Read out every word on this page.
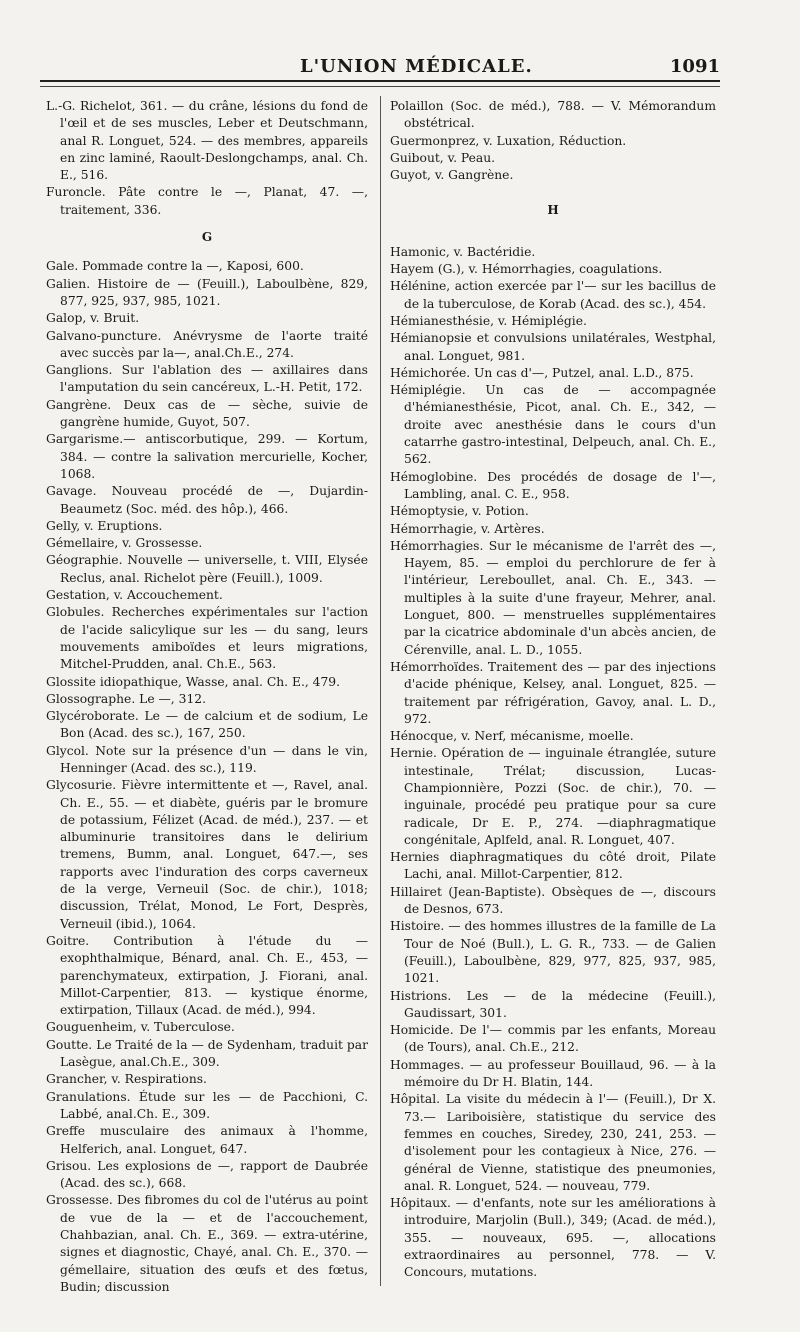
L'UNION MÉDICALE.	1091
L.-G. Richelot, 361. — du crâne, lésions du fond de l'œil et de ses muscles, Leber et Deutschmann, anal R. Longuet, 524. — des membres, appareils en zinc laminé, Raoult-Deslongchamps, anal. Ch. E., 516.
Furoncle. Pâte contre le —, Planat, 47. —, traitement, 336.
G
Gale. Pommade contre la —, Kaposi, 600.
Galien. Histoire de — (Feuill.), Laboulbène, 829, 877, 925, 937, 985, 1021.
Galop, v. Bruit.
Galvano-puncture. Anévrysme de l'aorte traité avec succès par la—, anal.Ch.E., 274.
Ganglions. Sur l'ablation des — axillaires dans l'amputation du sein cancéreux, L.-H. Petit, 172.
Gangrène. Deux cas de — sèche, suivie de gangrène humide, Guyot, 507.
Gargarisme.— antiscorbutique, 299. — Kortum, 384. — contre la salivation mercurielle, Kocher, 1068.
Gavage. Nouveau procédé de —, Dujardin-Beaumetz (Soc. méd. des hôp.), 466.
Gelly, v. Eruptions.
Gémellaire, v. Grossesse.
Géographie. Nouvelle — universelle, t. VIII, Elysée Reclus, anal. Richelot père (Feuill.), 1009.
Gestation, v. Accouchement.
Globules. Recherches expérimentales sur l'action de l'acide salicylique sur les — du sang, leurs mouvements amiboïdes et leurs migrations, Mitchel-Prudden, anal. Ch.E., 563.
Glossite idiopathique, Wasse, anal. Ch. E., 479.
Glossographe. Le —, 312.
Glycéroborate. Le — de calcium et de sodium, Le Bon (Acad. des sc.), 167, 250.
Glycol. Note sur la présence d'un — dans le vin, Henninger (Acad. des sc.), 119.
Glycosurie. Fièvre intermittente et —, Ravel, anal. Ch. E., 55. — et diabète, guéris par le bromure de potassium, Félizet (Acad. de méd.), 237. — et albuminurie transitoires dans le delirium tremens, Bumm, anal. Longuet, 647.—, ses rapports avec l'induration des corps caverneux de la verge, Verneuil (Soc. de chir.), 1018; discussion, Trélat, Monod, Le Fort, Desprès, Verneuil (ibid.), 1064.
Goitre. Contribution à l'étude du — exophthalmique, Bénard, anal. Ch. E., 453, — parenchymateux, extirpation, J. Fiorani, anal. Millot-Carpentier, 813. — kystique énorme, extirpation, Tillaux (Acad. de méd.), 994.
Gouguenheim, v. Tuberculose.
Goutte. Le Traité de la — de Sydenham, traduit par Lasègue, anal.Ch.E., 309.
Grancher, v. Respirations.
Granulations. Étude sur les — de Pacchioni, C. Labbé, anal.Ch. E., 309.
Greffe musculaire des animaux à l'homme, Helferich, anal. Longuet, 647.
Grisou. Les explosions de —, rapport de Daubrée (Acad. des sc.), 668.
Grossesse. Des fibromes du col de l'utérus au point de vue de la — et de l'accouchement, Chahbazian, anal. Ch. E., 369. — extra-utérine, signes et diagnostic, Chayé, anal. Ch. E., 370. — gémellaire, situation des œufs et des fœtus, Budin; discussion
Polaillon (Soc. de méd.), 788. — V. Mémorandum obstétrical.
Guermonprez, v. Luxation, Réduction.
Guibout, v. Peau.
Guyot, v. Gangrène.
H
Hamonic, v. Bactéridie.
Hayem (G.), v. Hémorrhagies, coagulations.
Hélénine, action exercée par l'— sur les bacillus de de la tuberculose, de Korab (Acad. des sc.), 454.
Hémianesthésie, v. Hémiplégie.
Hémianopsie et convulsions unilatérales, Westphal, anal. Longuet, 981.
Hémichorée. Un cas d'—, Putzel, anal. L.D., 875.
Hémiplégie. Un cas de — accompagnée d'hémianesthésie, Picot, anal. Ch. E., 342, — droite avec anesthésie dans le cours d'un catarrhe gastro-intestinal, Delpeuch, anal. Ch. E., 562.
Hémoglobine. Des procédés de dosage de l'—, Lambling, anal. C. E., 958.
Hémoptysie, v. Potion.
Hémorrhagie, v. Artères.
Hémorrhagies. Sur le mécanisme de l'arrêt des —, Hayem, 85. — emploi du perchlorure de fer à l'intérieur, Lereboullet, anal. Ch. E., 343. — multiples à la suite d'une frayeur, Mehrer, anal. Longuet, 800. — menstruelles supplémentaires par la cicatrice abdominale d'un abcès ancien, de Cérenville, anal. L. D., 1055.
Hémorrhoïdes. Traitement des — par des injections d'acide phénique, Kelsey, anal. Longuet, 825. — traitement par réfrigération, Gavoy, anal. L. D., 972.
Hénocque, v. Nerf, mécanisme, moelle.
Hernie. Opération de — inguinale étranglée, suture intestinale, Trélat; discussion, Lucas-Championnière, Pozzi (Soc. de chir.), 70. — inguinale, procédé peu pratique pour sa cure radicale, Dr E. P., 274. —diaphragmatique congénitale, Aplfeld, anal. R. Longuet, 407.
Hernies diaphragmatiques du côté droit, Pilate Lachi, anal. Millot-Carpentier, 812.
Hillairet (Jean-Baptiste). Obsèques de —, discours de Desnos, 673.
Histoire. — des hommes illustres de la famille de La Tour de Noé (Bull.), L. G. R., 733. — de Galien (Feuill.), Laboulbène, 829, 977, 825, 937, 985, 1021.
Histrions. Les — de la médecine (Feuill.), Gaudissart, 301.
Homicide. De l'— commis par les enfants, Moreau (de Tours), anal. Ch.E., 212.
Hommages. — au professeur Bouillaud, 96. — à la mémoire du Dr H. Blatin, 144.
Hôpital. La visite du médecin à l'— (Feuill.), Dr X. 73.— Lariboisière, statistique du service des femmes en couches, Siredey, 230, 241, 253. — d'isolement pour les contagieux à Nice, 276. — général de Vienne, statistique des pneumonies, anal. R. Longuet, 524. — nouveau, 779.
Hôpitaux. — d'enfants, note sur les améliorations à introduire, Marjolin (Bull.), 349; (Acad. de méd.), 355. — nouveaux, 695. —, allocations extraordinaires au personnel, 778. — V. Concours, mutations.
